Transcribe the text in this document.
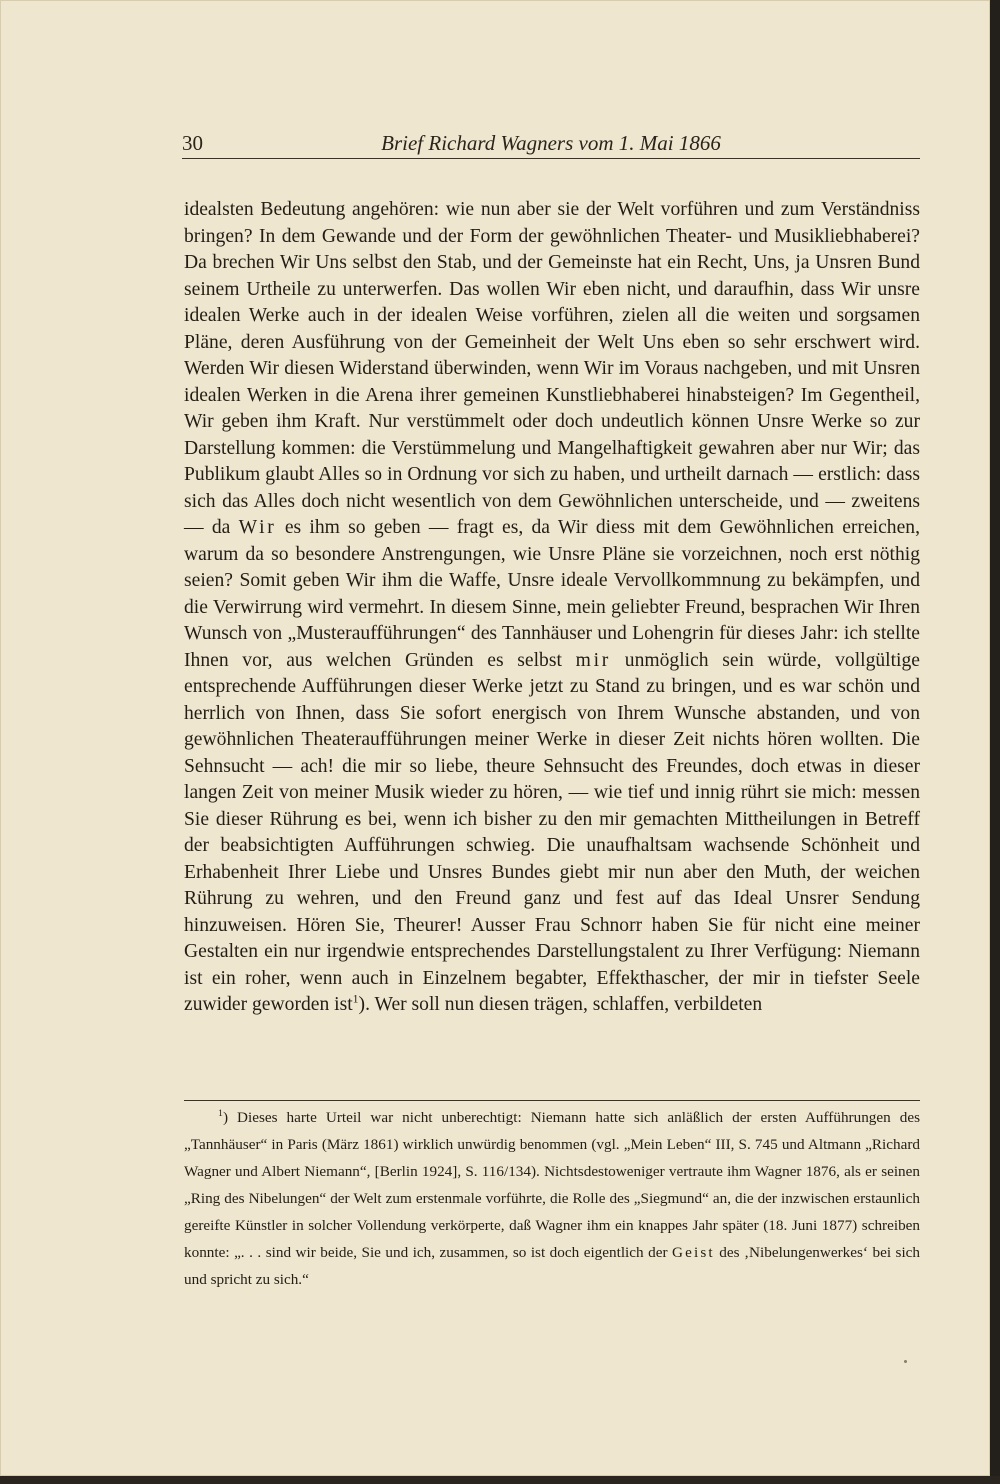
30	Brief Richard Wagners vom 1. Mai 1866

idealsten Bedeutung angehören: wie nun aber sie der Welt vorführen und zum Verständniss bringen? In dem Gewande und der Form der gewöhnlichen Theater- und Musikliebhaberei? Da brechen Wir Uns selbst den Stab, und der Gemeinste hat ein Recht, Uns, ja Unsren Bund seinem Urtheile zu unterwerfen. Das wollen Wir eben nicht, und daraufhin, dass Wir unsre idealen Werke auch in der idealen Weise vorführen, zielen all die weiten und sorgsamen Pläne, deren Ausführung von der Gemeinheit der Welt Uns eben so sehr erschwert wird. Werden Wir diesen Widerstand überwinden, wenn Wir im Voraus nachgeben, und mit Unsren idealen Werken in die Arena ihrer gemeinen Kunstliebhaberei hinabsteigen? Im Gegentheil, Wir geben ihm Kraft. Nur verstümmelt oder doch undeutlich können Unsre Werke so zur Darstellung kommen: die Verstümmelung und Mangelhaftigkeit gewahren aber nur Wir; das Publikum glaubt Alles so in Ordnung vor sich zu haben, und urtheilt darnach — erstlich: dass sich das Alles doch nicht wesentlich von dem Gewöhnlichen unterscheide, und — zweitens — da Wir es ihm so geben — fragt es, da Wir diess mit dem Gewöhnlichen erreichen, warum da so besondere Anstrengungen, wie Unsre Pläne sie vorzeichnen, noch erst nöthig seien? Somit geben Wir ihm die Waffe, Unsre ideale Vervollkommnung zu bekämpfen, und die Verwirrung wird vermehrt. In diesem Sinne, mein geliebter Freund, besprachen Wir Ihren Wunsch von „Musteraufführungen“ des Tannhäuser und Lohengrin für dieses Jahr: ich stellte Ihnen vor, aus welchen Gründen es selbst mir unmöglich sein würde, vollgültige entsprechende Aufführungen dieser Werke jetzt zu Stand zu bringen, und es war schön und herrlich von Ihnen, dass Sie sofort energisch von Ihrem Wunsche abstanden, und von gewöhnlichen Theateraufführungen meiner Werke in dieser Zeit nichts hören wollten. Die Sehnsucht — ach! die mir so liebe, theure Sehnsucht des Freundes, doch etwas in dieser langen Zeit von meiner Musik wieder zu hören, — wie tief und innig rührt sie mich: messen Sie dieser Rührung es bei, wenn ich bisher zu den mir gemachten Mittheilungen in Betreff der beabsichtigten Aufführungen schwieg. Die unaufhaltsam wachsende Schönheit und Erhabenheit Ihrer Liebe und Unsres Bundes giebt mir nun aber den Muth, der weichen Rührung zu wehren, und den Freund ganz und fest auf das Ideal Unsrer Sendung hinzuweisen. Hören Sie, Theurer! Ausser Frau Schnorr haben Sie für nicht eine meiner Gestalten ein nur irgendwie entsprechendes Darstellungstalent zu Ihrer Verfügung: Niemann ist ein roher, wenn auch in Einzelnem begabter, Effekthascher, der mir in tiefster Seele zuwider geworden ist$^1$). Wer soll nun diesen trägen, schlaffen, verbildeten

$^1$) Dieses harte Urteil war nicht unberechtigt: Niemann hatte sich anläßlich der ersten Aufführungen des „Tannhäuser“ in Paris (März 1861) wirklich unwürdig benommen (vgl. „Mein Leben“ III, S. 745 und Altmann „Richard Wagner und Albert Niemann“, [Berlin 1924], S. 116/134). Nichtsdestoweniger vertraute ihm Wagner 1876, als er seinen „Ring des Nibelungen“ der Welt zum erstenmale vorführte, die Rolle des „Siegmund“ an, die der inzwischen erstaunlich gereifte Künstler in solcher Vollendung verkörperte, daß Wagner ihm ein knappes Jahr später (18. Juni 1877) schreiben konnte: „. . . sind wir beide, Sie und ich, zusammen, so ist doch eigentlich der Geist des ‚Nibelungenwerkes‘ bei sich und spricht zu sich.“
